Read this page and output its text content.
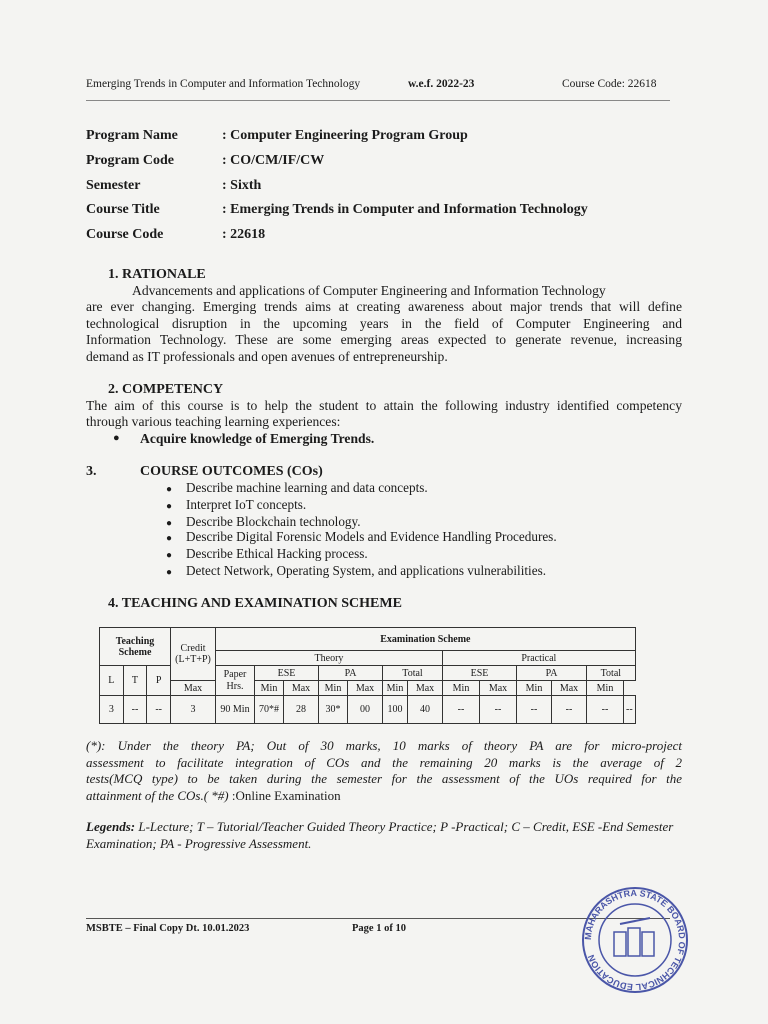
Emerging Trends in Computer and Information Technology	w.e.f. 2022-23	Course Code: 22618
Program Name	: Computer Engineering Program Group
Program Code	: CO/CM/IF/CW
Semester	: Sixth
Course Title	: Emerging Trends in Computer and Information Technology
Course Code	: 22618
1. RATIONALE
Advancements and applications of Computer Engineering and Information Technology
are ever changing. Emerging trends aims at creating awareness about major trends that will define
technological disruption in the upcoming years in the field of Computer Engineering and
Information Technology. These are some emerging areas expected to generate revenue, increasing
demand as IT professionals and open avenues of entrepreneurship.
2. COMPETENCY
The aim of this course is to help the student to attain the following industry identified competency
through various teaching learning experiences:
● Acquire knowledge of Emerging Trends.
3.	COURSE OUTCOMES (COs)
● Describe machine learning and data concepts.
● Interpret IoT concepts.
● Describe Blockchain technology.
● Describe Digital Forensic Models and Evidence Handling Procedures.
● Describe Ethical Hacking process.
● Detect Network, Operating System, and applications vulnerabilities.
4. TEACHING AND EXAMINATION SCHEME
Teaching Scheme			Credit (L+T+P)	Examination Scheme												
				Theory							Practical					
L	T	P		Paper Hrs.	ESE		PA		Total		ESE		PA		Total	
			Max		Min	Max	Min	Max	Min	Max	Min	Max	Min	Max	Min	
3	--	--	3	90 Min	70*#	28	30*	00	100	40	--	--	--	--	--	--
(*): Under the theory PA; Out of 30 marks, 10 marks of theory PA are for micro-project
assessment to facilitate integration of COs and the remaining 20 marks is the average of 2
tests(MCQ type) to be taken during the semester for the assessment of the UOs required for the
attainment of the COs.( *#) :Online Examination
Legends: L-Lecture; T – Tutorial/Teacher Guided Theory Practice; P -Practical; C – Credit, ESE -End Semester Examination; PA - Progressive Assessment.
MSBTE – Final Copy Dt. 10.01.2023	Page 1 of 10
MAHARASHTRA STATE BOARD OF TECHNICAL EDUCATION
